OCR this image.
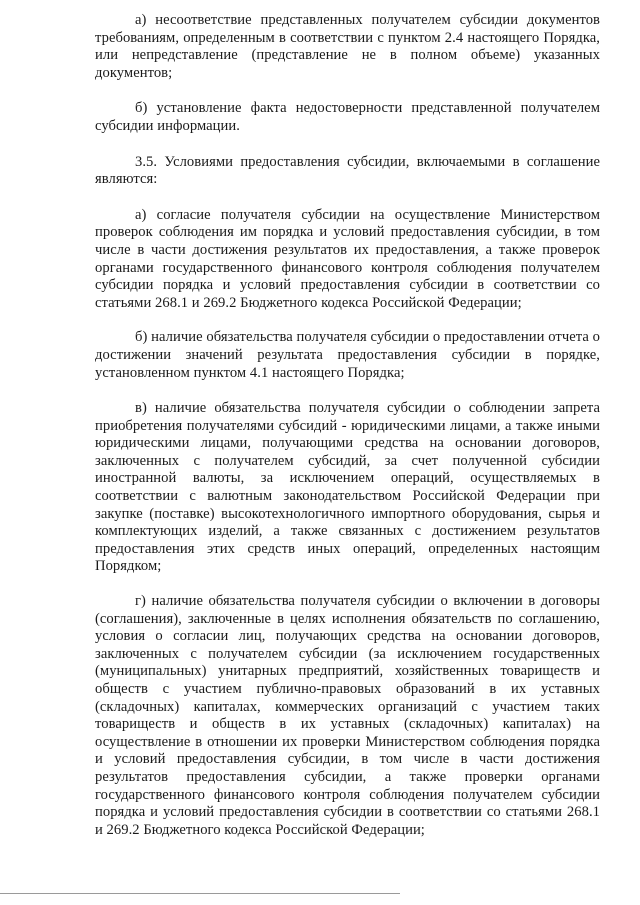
а) несоответствие представленных получателем субсидии документов требованиям, определенным в соответствии с пунктом 2.4 настоящего Порядка, или непредставление (представление не в полном объеме) указанных документов;

б) установление факта недостоверности представленной получателем субсидии информации.

3.5. Условиями предоставления субсидии, включаемыми в соглашение являются:

а) согласие получателя субсидии на осуществление Министерством проверок соблюдения им порядка и условий предоставления субсидии, в том числе в части достижения результатов их предоставления, а также проверок органами государственного финансового контроля соблюдения получателем субсидии порядка и условий предоставления субсидии в соответствии со статьями 268.1 и 269.2 Бюджетного кодекса Российской Федерации;

б) наличие обязательства получателя субсидии о предоставлении отчета о достижении значений результата предоставления субсидии в порядке, установленном пунктом 4.1 настоящего Порядка;

в) наличие обязательства получателя субсидии о соблюдении запрета приобретения получателями субсидий - юридическими лицами, а также иными юридическими лицами, получающими средства на основании договоров, заключенных с получателем субсидий, за счет полученной субсидии иностранной валюты, за исключением операций, осуществляемых в соответствии с валютным законодательством Российской Федерации при закупке (поставке) высокотехнологичного импортного оборудования, сырья и комплектующих изделий, а также связанных с достижением результатов предоставления этих средств иных операций, определенных настоящим Порядком;

г) наличие обязательства получателя субсидии о включении в договоры (соглашения), заключенные в целях исполнения обязательств по соглашению, условия о согласии лиц, получающих средства на основании договоров, заключенных с получателем субсидии (за исключением государственных (муниципальных) унитарных предприятий, хозяйственных товариществ и обществ с участием публично-правовых образований в их уставных (складочных) капиталах, коммерческих организаций с участием таких товариществ и обществ в их уставных (складочных) капиталах) на осуществление в отношении их проверки Министерством соблюдения порядка и условий предоставления субсидии, в том числе в части достижения результатов предоставления субсидии, а также проверки органами государственного финансового контроля соблюдения получателем субсидии порядка и условий предоставления субсидии в соответствии со статьями 268.1 и 269.2 Бюджетного кодекса Российской Федерации;
